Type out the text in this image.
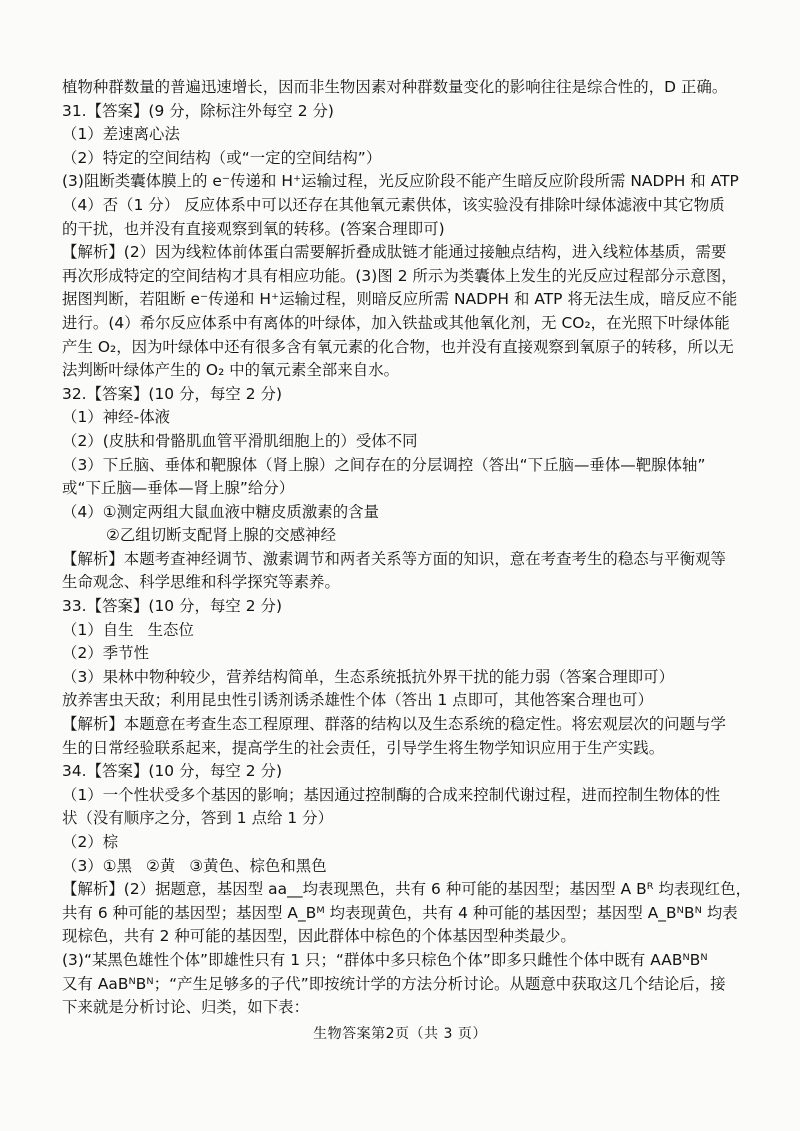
植物种群数量的普遍迅速增长，因而非生物因素对种群数量变化的影响往往是综合性的，D 正确。
31.【答案】(9 分，除标注外每空 2 分)
（1）差速离心法
（2）特定的空间结构（或“一定的空间结构”）
(3)阻断类囊体膜上的 e⁻传递和 H⁺运输过程，光反应阶段不能产生暗反应阶段所需 NADPH 和 ATP
（4）否（1 分） 反应体系中可以还存在其他氧元素供体，该实验没有排除叶绿体滤液中其它物质
的干扰，也并没有直接观察到氧的转移。(答案合理即可)
【解析】(2）因为线粒体前体蛋白需要解折叠成肽链才能通过接触点结构，进入线粒体基质，需要
再次形成特定的空间结构才具有相应功能。(3)图 2 所示为类囊体上发生的光反应过程部分示意图，
据图判断，若阻断 e⁻传递和 H⁺运输过程，则暗反应所需 NADPH 和 ATP 将无法生成，暗反应不能
进行。(4）希尔反应体系中有离体的叶绿体，加入铁盐或其他氧化剂，无 CO₂，在光照下叶绿体能
产生 O₂，因为叶绿体中还有很多含有氧元素的化合物，也并没有直接观察到氧原子的转移，所以无
法判断叶绿体产生的 O₂ 中的氧元素全部来自水。
32.【答案】(10 分，每空 2 分)
（1）神经-体液
（2）(皮肤和骨骼肌血管平滑肌细胞上的）受体不同
（3）下丘脑、垂体和靶腺体（肾上腺）之间存在的分层调控（答出“下丘脑—垂体—靶腺体轴”
或“下丘脑—垂体—肾上腺”给分）
（4）①测定两组大鼠血液中糖皮质激素的含量
②乙组切断支配肾上腺的交感神经
【解析】本题考查神经调节、激素调节和两者关系等方面的知识，意在考查考生的稳态与平衡观等
生命观念、科学思维和科学探究等素养。
33.【答案】(10 分，每空 2 分)
（1）自生 生态位
（2）季节性
（3）果林中物种较少，营养结构简单，生态系统抵抗外界干扰的能力弱（答案合理即可）
放养害虫天敌；利用昆虫性引诱剂诱杀雄性个体（答出 1 点即可，其他答案合理也可）
【解析】本题意在考查生态工程原理、群落的结构以及生态系统的稳定性。将宏观层次的问题与学
生的日常经验联系起来，提高学生的社会责任，引导学生将生物学知识应用于生产实践。
34.【答案】(10 分，每空 2 分)
（1）一个性状受多个基因的影响；基因通过控制酶的合成来控制代谢过程，进而控制生物体的性
状（没有顺序之分，答到 1 点给 1 分）
（2）棕
（3）①黑 ②黄 ③黄色、棕色和黑色
【解析】(2）据题意，基因型 aa__均表现黑色，共有 6 种可能的基因型；基因型 A Bᴿ 均表现红色，
共有 6 种可能的基因型；基因型 A_Bᴹ 均表现黄色，共有 4 种可能的基因型；基因型 A_BᴺBᴺ 均表
现棕色，共有 2 种可能的基因型，因此群体中棕色的个体基因型种类最少。
(3)“某黑色雄性个体”即雄性只有 1 只；“群体中多只棕色个体”即多只雌性个体中既有 AABᴺBᴺ
又有 AaBᴺBᴺ；“产生足够多的子代”即按统计学的方法分析讨论。从题意中获取这几个结论后，接
下来就是分析讨论、归类，如下表：
生物答案第2页（共 3 页）
